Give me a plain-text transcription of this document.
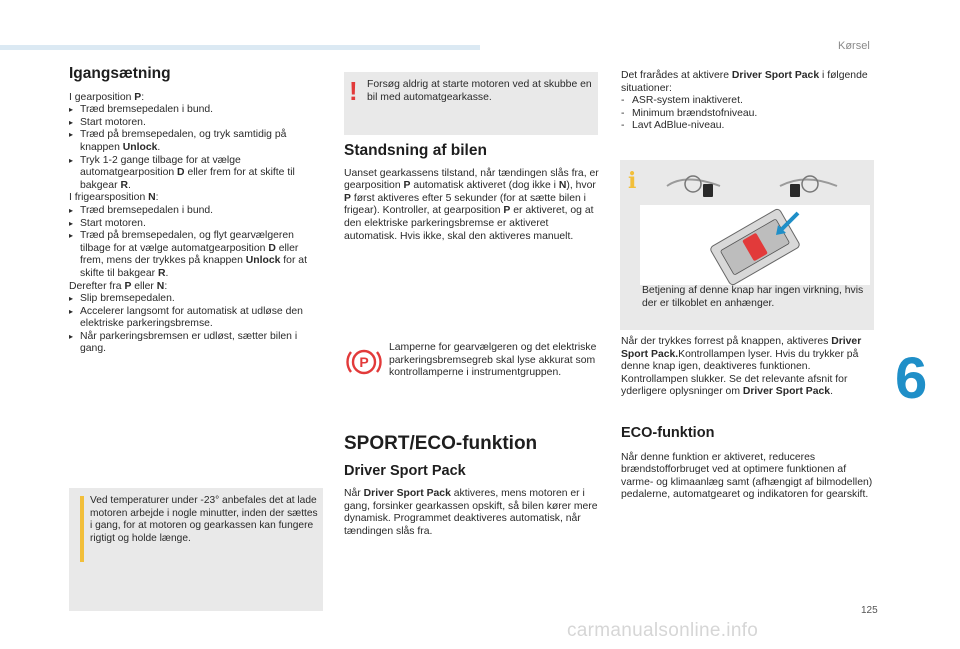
Kørsel
6
125
carmanualsonline.info
Igangsætning
I gearposition P:
▸ Træd bremsepedalen i bund.
▸ Start motoren.
▸ Træd på bremsepedalen, og tryk samtidig på knappen Unlock.
▸ Tryk 1-2 gange tilbage for at vælge automatgearposition D eller frem for at skifte til bakgear R.
I frigearsposition N:
▸ Træd bremsepedalen i bund.
▸ Start motoren.
▸ Træd på bremsepedalen, og flyt gearvælgeren tilbage for at vælge automatgearposition D eller frem, mens der trykkes på knappen Unlock for at skifte til bakgear R.
Derefter fra P eller N:
▸ Slip bremsepedalen.
▸ Accelerer langsomt for automatisk at udløse den elektriske parkeringsbremse.
▸ Når parkeringsbremsen er udløst, sætter bilen i gang.
Ved temperaturer under -23° anbefales det at lade motoren arbejde i nogle minutter, inden der sættes i gang, for at motoren og gearkassen kan fungere rigtigt og holde længe.
! Forsøg aldrig at starte motoren ved at skubbe en bil med automatgearkasse.
Standsning af bilen

Uanset gearkassens tilstand, når tændingen slås fra, er gearposition P automatisk aktiveret (dog ikke i N), hvor P først aktiveres efter 5 sekunder (for at sætte bilen i frigear). Kontroller, at gearposition P er aktiveret, og at den elektriske parkeringsbremse er aktiveret automatisk. Hvis ikke, skal den aktiveres manuelt.

P
Lamperne for gearvælgeren og det elektriske parkeringsbremsegreb skal lyse akkurat som kontrollamperne i instrumentgruppen.
SPORT/ECO-funktion
Driver Sport Pack

Når Driver Sport Pack aktiveres, mens motoren er i gang, forsinker gearkassen opskift, så bilen kører mere dynamisk. Programmet deaktiveres automatisk, når tændingen slås fra.

Det frarådes at aktivere Driver Sport Pack i følgende situationer:

- ASR-system inaktiveret.
- Minimum brændstofniveau.
- Lavt AdBlue-niveau.
i
Betjening af denne knap har ingen virkning, hvis der er tilkoblet en anhænger.

Når der trykkes forrest på knappen, aktiveres Driver Sport Pack.Kontrollampen lyser. Hvis du trykker på denne knap igen, deaktiveres funktionen. Kontrollampen slukker. Se det relevante afsnit for yderligere oplysninger om Driver Sport Pack.

ECO-funktion

Når denne funktion er aktiveret, reduceres brændstofforbruget ved at optimere funktionen af varme- og klimaanlæg samt (afhængigt af bilmodellen) pedalerne, automatgearet og indikatoren for gearskift.
